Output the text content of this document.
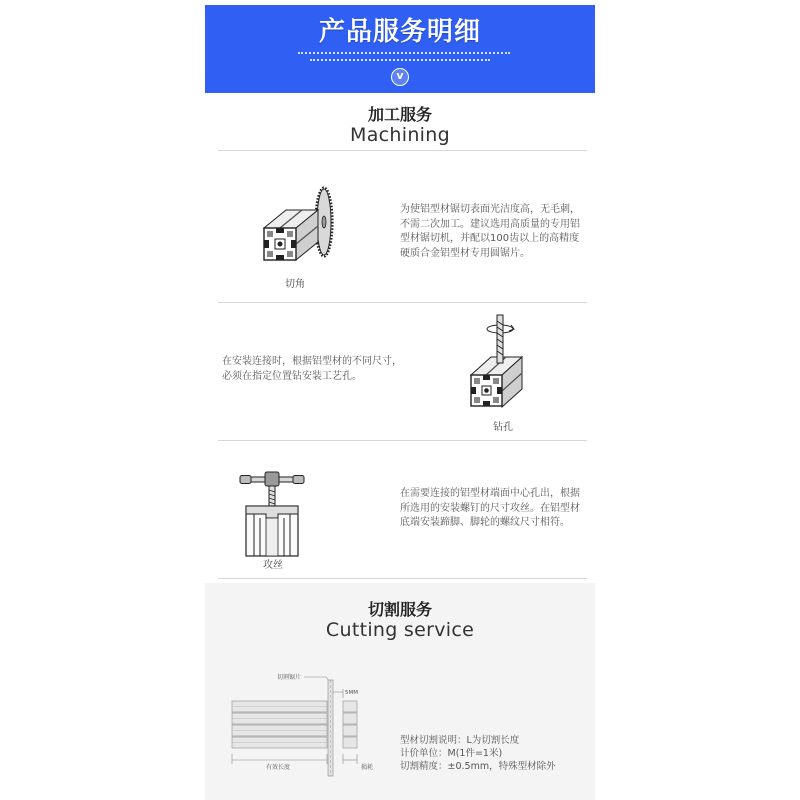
产品服务明细
v
加工服务
Machining
切角
为使铝型材锯切表面光洁度高，无毛刺，
不需二次加工。建议选用高质量的专用铝
型材锯切机，并配以100齿以上的高精度
硬质合金铝型材专用圆锯片。
在安装连接时，根据铝型材的不同尺寸，
必须在指定位置钻安装工艺孔。
钻孔
攻丝
在需要连接的铝型材端面中心孔出，根据
所选用的安装螺钉的尺寸攻丝。在铝型材
底端安装蹄脚、脚轮的螺纹尺寸相符。
切割服务
Cutting service
切割锯片
5MM
有效长度	损耗
型材切割说明：L为切割长度
计价单位：M(1件=1米)
切割精度：±0.5mm，特殊型材除外
